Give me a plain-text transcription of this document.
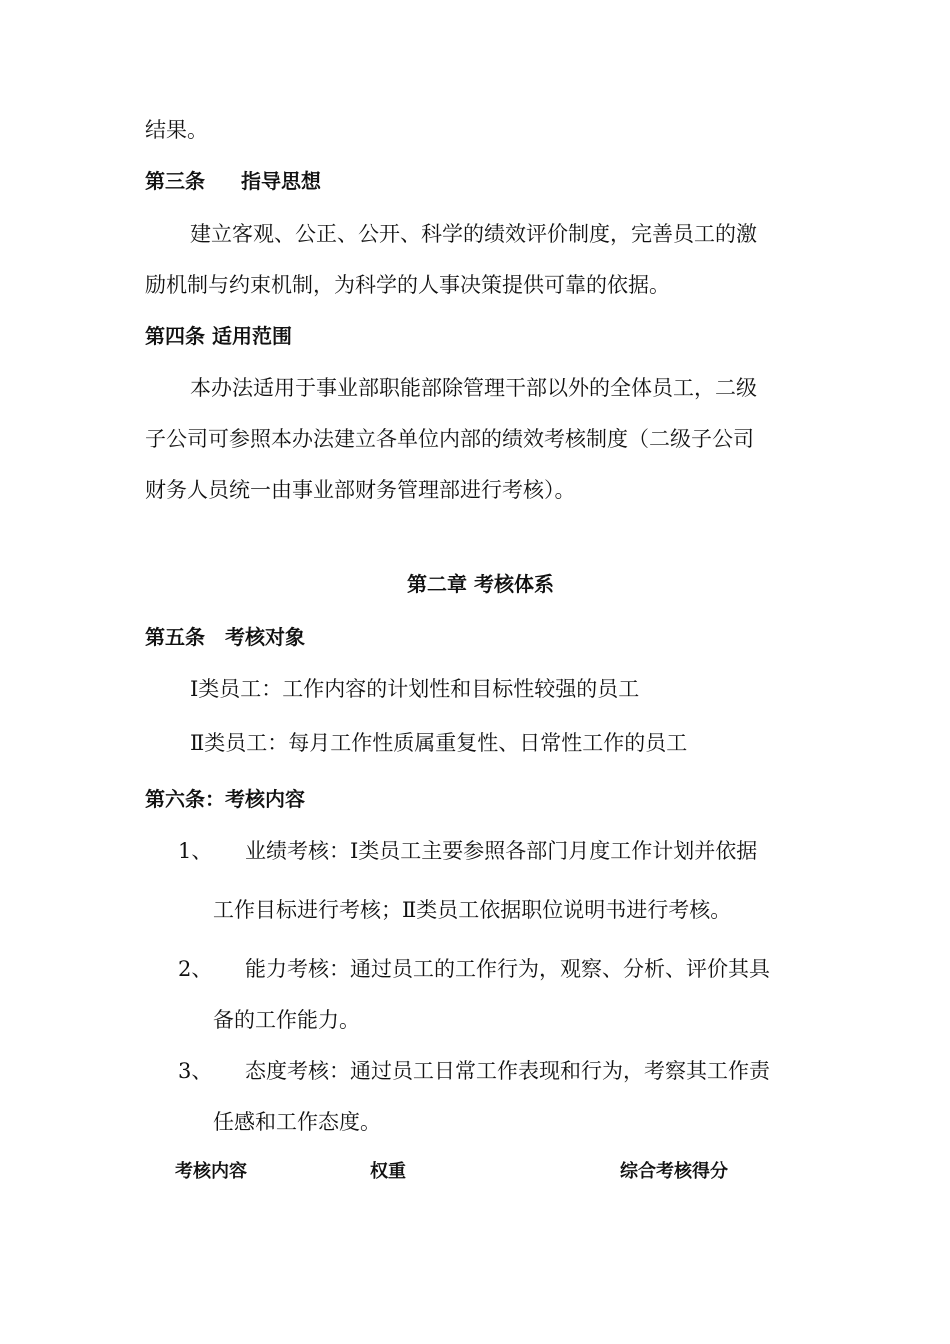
结果。
第三条 指导思想
建立客观、公正、公开、科学的绩效评价制度，完善员工的激
励机制与约束机制，为科学的人事决策提供可靠的依据。
第四条 适用范围
本办法适用于事业部职能部除管理干部以外的全体员工，二级
子公司可参照本办法建立各单位内部的绩效考核制度（二级子公司
财务人员统一由事业部财务管理部进行考核）。
第二章 考核体系
第五条 考核对象
Ⅰ类员工：工作内容的计划性和目标性较强的员工
Ⅱ类员工：每月工作性质属重复性、日常性工作的员工
第六条：考核内容
1、 业绩考核：Ⅰ类员工主要参照各部门月度工作计划并依据
工作目标进行考核；Ⅱ类员工依据职位说明书进行考核。
2、 能力考核：通过员工的工作行为，观察、分析、评价其具
备的工作能力。
3、 态度考核：通过员工日常工作表现和行为，考察其工作责
任感和工作态度。
考核内容	权重	综合考核得分
